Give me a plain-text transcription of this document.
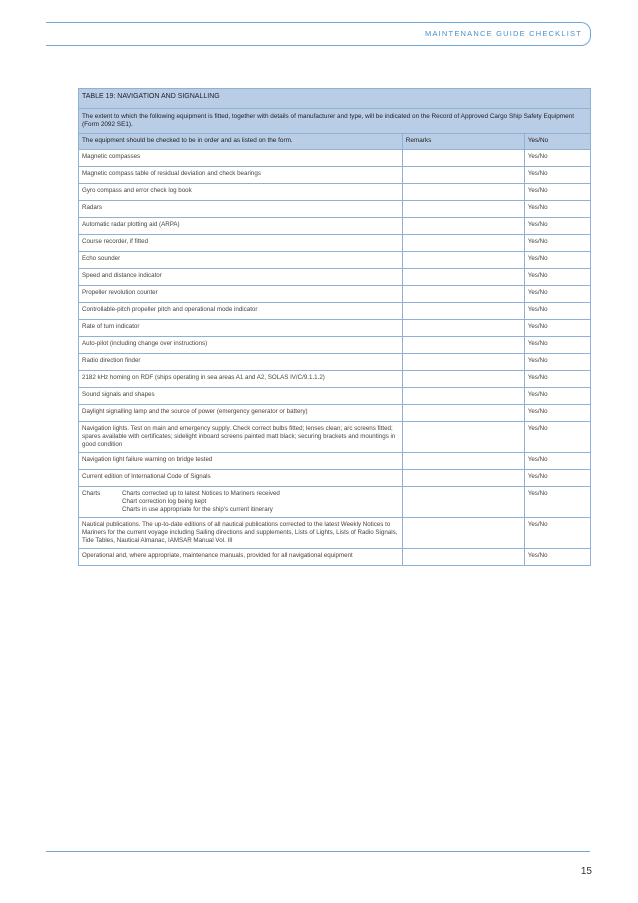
MAINTENANCE GUIDE CHECKLIST
TABLE 19: NAVIGATION AND SIGNALLING		
The extent to which the following equipment is fitted, together with details of manufacturer and type, will be indicated on the Record of Approved Cargo Ship Safety Equipment (Form 2092 SE1).		
The equipment should be checked to be in order and as listed on the form.	Remarks	Yes/No
Magnetic compasses		Yes/No
Magnetic compass table of residual deviation and check bearings		Yes/No
Gyro compass and error check log book		Yes/No
Radars		Yes/No
Automatic radar plotting aid (ARPA)		Yes/No
Course recorder, if fitted		Yes/No
Echo sounder		Yes/No
Speed and distance indicator		Yes/No
Propeller revolution counter		Yes/No
Controllable-pitch propeller pitch and operational mode indicator		Yes/No
Rate of turn indicator		Yes/No
Auto-pilot (including change over instructions)		Yes/No
Radio direction finder		Yes/No
2182 kHz homing on RDF (ships operating in sea areas A1 and A2, SOLAS IV/C/9.1.1.2)		Yes/No
Sound signals and shapes		Yes/No
Daylight signalling lamp and the source of power (emergency generator or battery)		Yes/No
Navigation lights. Test on main and emergency supply. Check correct bulbs fitted; lenses clean; arc screens fitted; spares available with certificates; sidelight inboard screens painted matt black; securing brackets and mountings in good condition		Yes/No
Navigation light failure warning on bridge tested		Yes/No
Current edition of International Code of Signals		Yes/No

Charts Charts corrected up to latest Notices to Mariners received
Chart correction log being kept
Charts in use appropriate for the ship's current itinerary		Yes/No
Nautical publications. The up-to-date editions of all nautical publications corrected to the latest Weekly Notices to Mariners for the current voyage including Sailing directions and supplements, Lists of Lights, Lists of Radio Signals, Tide Tables, Nautical Almanac, IAMSAR Manual Vol. III		Yes/No
Operational and, where appropriate, maintenance manuals, provided for all navigational equipment		Yes/No
15
